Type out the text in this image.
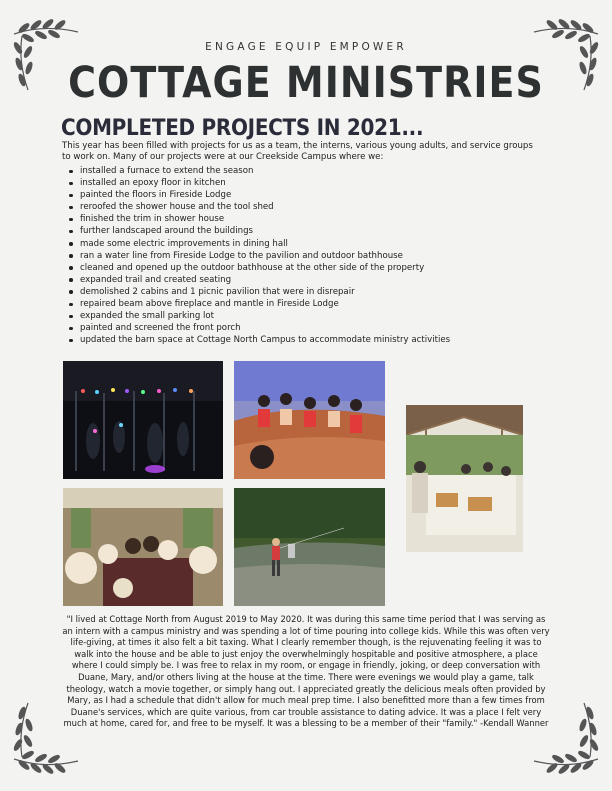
ENGAGE EQUIP EMPOWER
COTTAGE MINISTRIES
COMPLETED PROJECTS IN 2021...

This year has been filled with projects for us as a team, the interns, various young adults, and service groups to work on. Many of our projects were at our Creekside Campus where we:

installed a furnace to extend the season
installed an epoxy floor in kitchen
painted the floors in Fireside Lodge
reroofed the shower house and the tool shed
finished the trim in shower house
further landscaped around the buildings
made some electric improvements in dining hall
ran a water line from Fireside Lodge to the pavilion and outdoor bathhouse
cleaned and opened up the outdoor bathhouse at the other side of the property
expanded trail and created seating
demolished 2 cabins and 1 picnic pavilion that were in disrepair
repaired beam above fireplace and mantle in Fireside Lodge
expanded the small parking lot
painted and screened the front porch
updated the barn space at Cottage North Campus to accommodate ministry activities

"I lived at Cottage North from August 2019 to May 2020. It was during this same time period that I was serving as an intern with a campus ministry and was spending a lot of time pouring into college kids. While this was often very life-giving, at times it also felt a bit taxing. What I clearly remember though, is the rejuvenating feeling it was to walk into the house and be able to just enjoy the overwhelmingly hospitable and positive atmosphere, a place where I could simply be. I was free to relax in my room, or engage in friendly, joking, or deep conversation with Duane, Mary, and/or others living at the house at the time. There were evenings we would play a game, talk theology, watch a movie together, or simply hang out. I appreciated greatly the delicious meals often provided by Mary, as I had a schedule that didn't allow for much meal prep time. I also benefitted more than a few times from Duane's services, which are quite various, from car trouble assistance to dating advice. It was a place I felt very much at home, cared for, and free to be myself. It was a blessing to be a member of their "family." -Kendall Wanner
